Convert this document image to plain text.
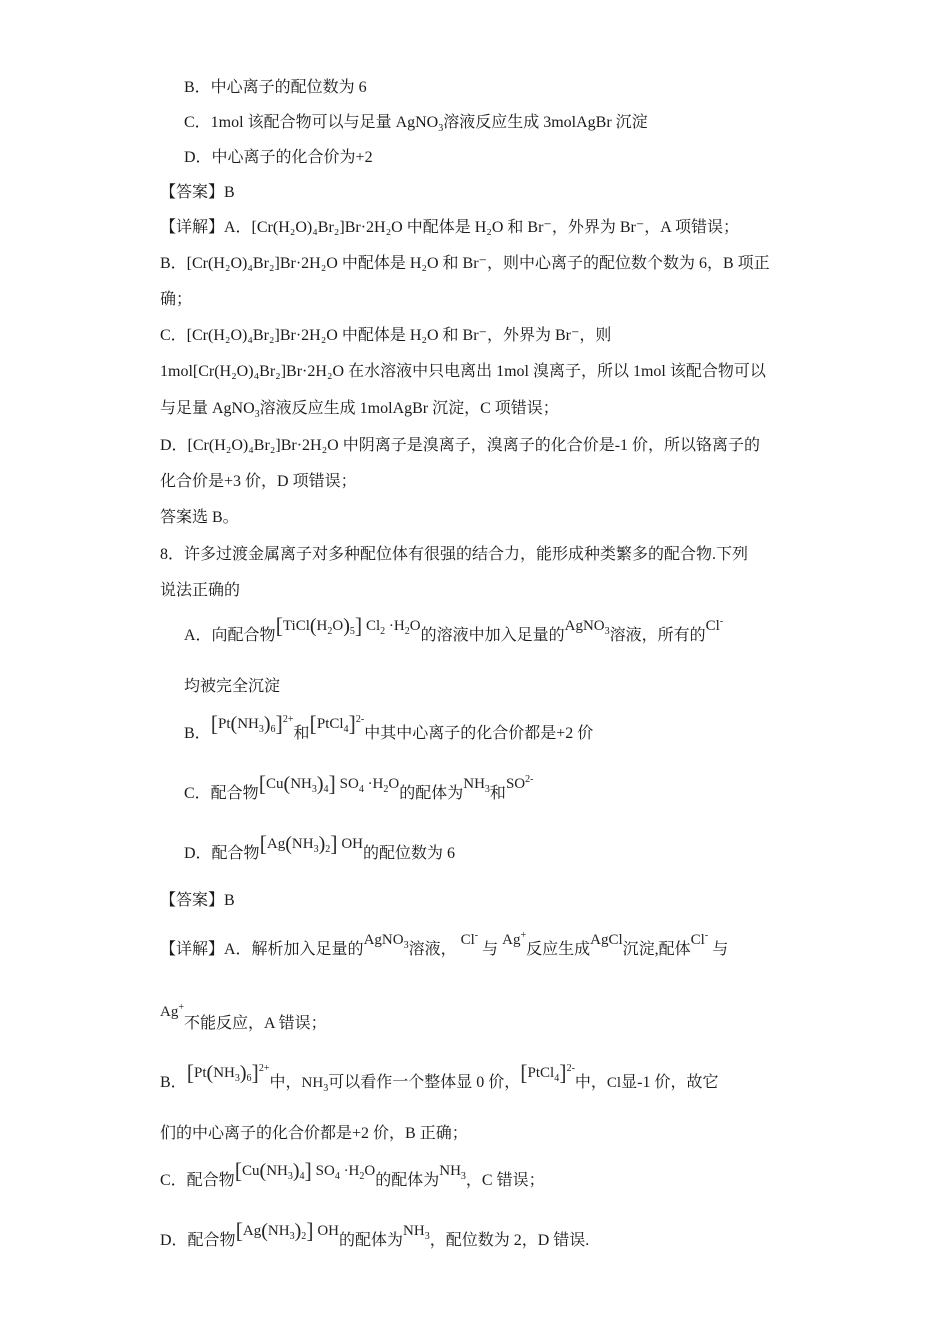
B．中心离子的配位数为 6
C．1mol 该配合物可以与足量 AgNO$_3$溶液反应生成 3molAgBr 沉淀
D．中心离子的化合价为+2
【答案】B
【详解】A．[Cr(H₂O)₄Br₂]Br·2H₂O 中配体是 H₂O 和 Br⁻，外界为 Br⁻，A 项错误；
B．[Cr(H₂O)₄Br₂]Br·2H₂O 中配体是 H₂O 和 Br⁻，则中心离子的配位数个数为 6，B 项正
确；
C．[Cr(H₂O)₄Br₂]Br·2H₂O 中配体是 H₂O 和 Br⁻，外界为 Br⁻，则
1mol[Cr(H₂O)₄Br₂]Br·2H₂O 在水溶液中只电离出 1mol 溴离子，所以 1mol 该配合物可以
与足量 AgNO$_3$溶液反应生成 1molAgBr 沉淀，C 项错误；
D．[Cr(H₂O)₄Br₂]Br·2H₂O 中阴离子是溴离子，溴离子的化合价是-1 价，所以铬离子的
化合价是+3 价，D 项错误；
答案选 B。
8．许多过渡金属离子对多种配位体有很强的结合力，能形成种类繁多的配合物.下列
说法正确的
A．向配合物$[TiCl(H_2O)_5]$ $Cl_2 \cdot H_2O$的溶液中加入足量的AgNO$_3$溶液，所有的Cl-
均被完全沉淀
B．$[Pt(NH_3)_6]^{2+}$和[PtCl$_4$]$^{2-}$中其中心离子的化合价都是+2 价
C．配合物$[Cu(NH_3)_4]$ $SO_4 \cdot H_2O$的配体为$NH_3$和$SO^{2-}$
D．配合物$[Ag(NH_3)_2]$ OH的配位数为 6
【答案】B
【详解】A．解析加入足量的AgNO$_3$溶液， Cl- 与 Ag+反应生成AgCl沉淀,配体Cl- 与
Ag+不能反应，A 错误；
B．$[Pt(NH_3)_6]^{2+}$中，$NH_3$可以看作一个整体显 0 价，[PtCl$_4$]$^{2-}$中，Cl显-1 价，故它
们的中心离子的化合价都是+2 价，B 正确；
C．配合物$[Cu(NH_3)_4]$ $SO_4 \cdot H_2O$的配体为$NH_3$，C 错误；
D．配合物$[Ag(NH_3)_2]$ OH的配体为$NH_3$，配位数为 2，D 错误.
